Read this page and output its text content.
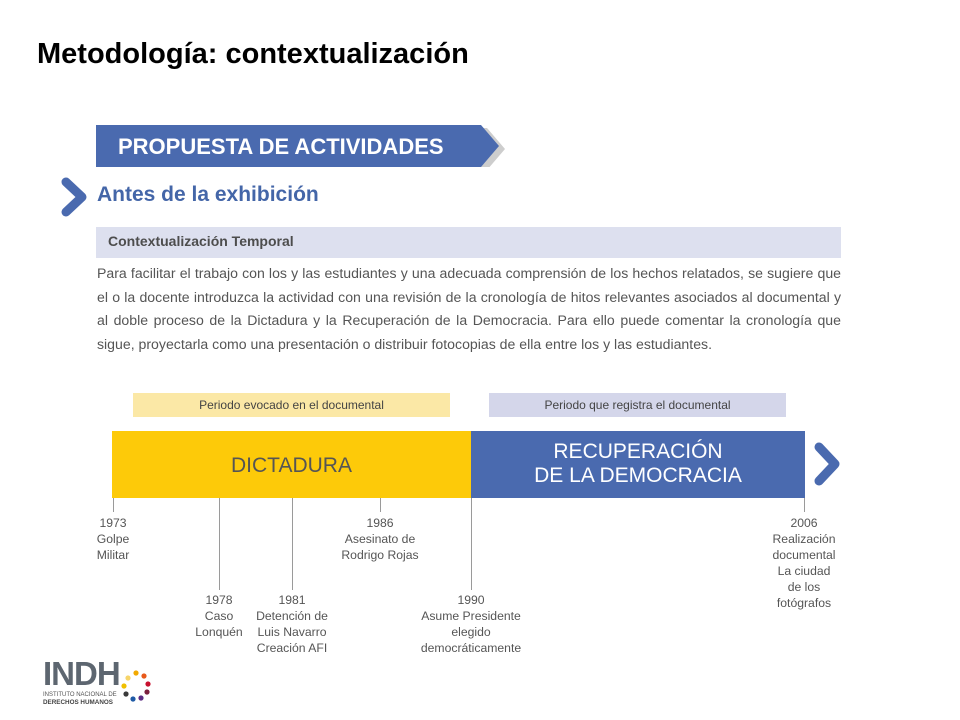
Metodología: contextualización
PROPUESTA DE ACTIVIDADES
Antes de la exhibición
Contextualización Temporal
Para facilitar el trabajo con los y las estudiantes y una adecuada comprensión de los hechos relatados, se sugiere que el o la docente introduzca la actividad con una revisión de la cronología de hitos relevantes asociados al documental y al doble proceso de la Dictadura y la Recuperación de la Democracia. Para ello puede comentar la cronología que sigue, proyectarla como una presentación o distribuir fotocopias de ella entre los y las estudiantes.
Periodo evocado en el documental	Periodo que registra el documental
DICTADURA
RECUPERACIÓN
DE LA DEMOCRACIA
1973
Golpe
Militar
1978
Caso
Lonquén
1981
Detención de
Luis Navarro
Creación AFI
1986
Asesinato de
Rodrigo Rojas
1990
Asume Presidente
elegido
democráticamente
2006
Realización
documental
La ciudad
de los
fotógrafos
INDH
INSTITUTO NACIONAL DE
DERECHOS HUMANOS
